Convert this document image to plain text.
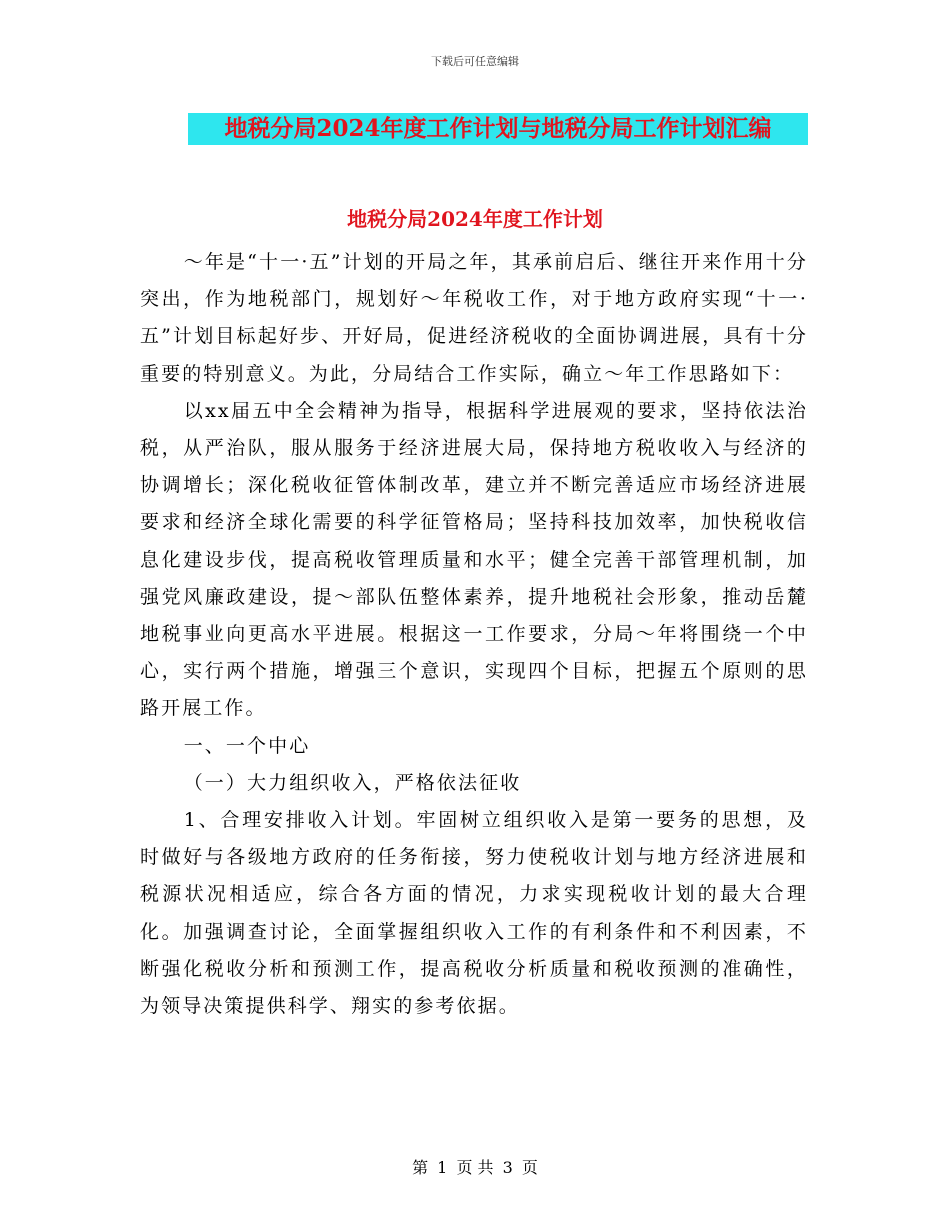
下载后可任意编辑
地税分局2024年度工作计划与地税分局工作计划汇编
地税分局2024年度工作计划

～年是“十一·五”计划的开局之年，其承前启后、继往开来作用十分突出，作为地税部门，规划好～年税收工作，对于地方政府实现“十一·五”计划目标起好步、开好局，促进经济税收的全面协调进展，具有十分重要的特别意义。为此，分局结合工作实际，确立～年工作思路如下：

以xx届五中全会精神为指导，根据科学进展观的要求，坚持依法治税，从严治队，服从服务于经济进展大局，保持地方税收收入与经济的协调增长；深化税收征管体制改革，建立并不断完善适应市场经济进展要求和经济全球化需要的科学征管格局；坚持科技加效率，加快税收信息化建设步伐，提高税收管理质量和水平；健全完善干部管理机制，加强党风廉政建设，提～部队伍整体素养，提升地税社会形象，推动岳麓地税事业向更高水平进展。根据这一工作要求，分局～年将围绕一个中心，实行两个措施，增强三个意识，实现四个目标，把握五个原则的思路开展工作。

一、一个中心

（一）大力组织收入，严格依法征收

1、合理安排收入计划。牢固树立组织收入是第一要务的思想，及时做好与各级地方政府的任务衔接，努力使税收计划与地方经济进展和税源状况相适应，综合各方面的情况，力求实现税收计划的最大合理化。加强调查讨论，全面掌握组织收入工作的有利条件和不利因素，不断强化税收分析和预测工作，提高税收分析质量和税收预测的准确性，为领导决策提供科学、翔实的参考依据。

第 1 页 共 3 页
